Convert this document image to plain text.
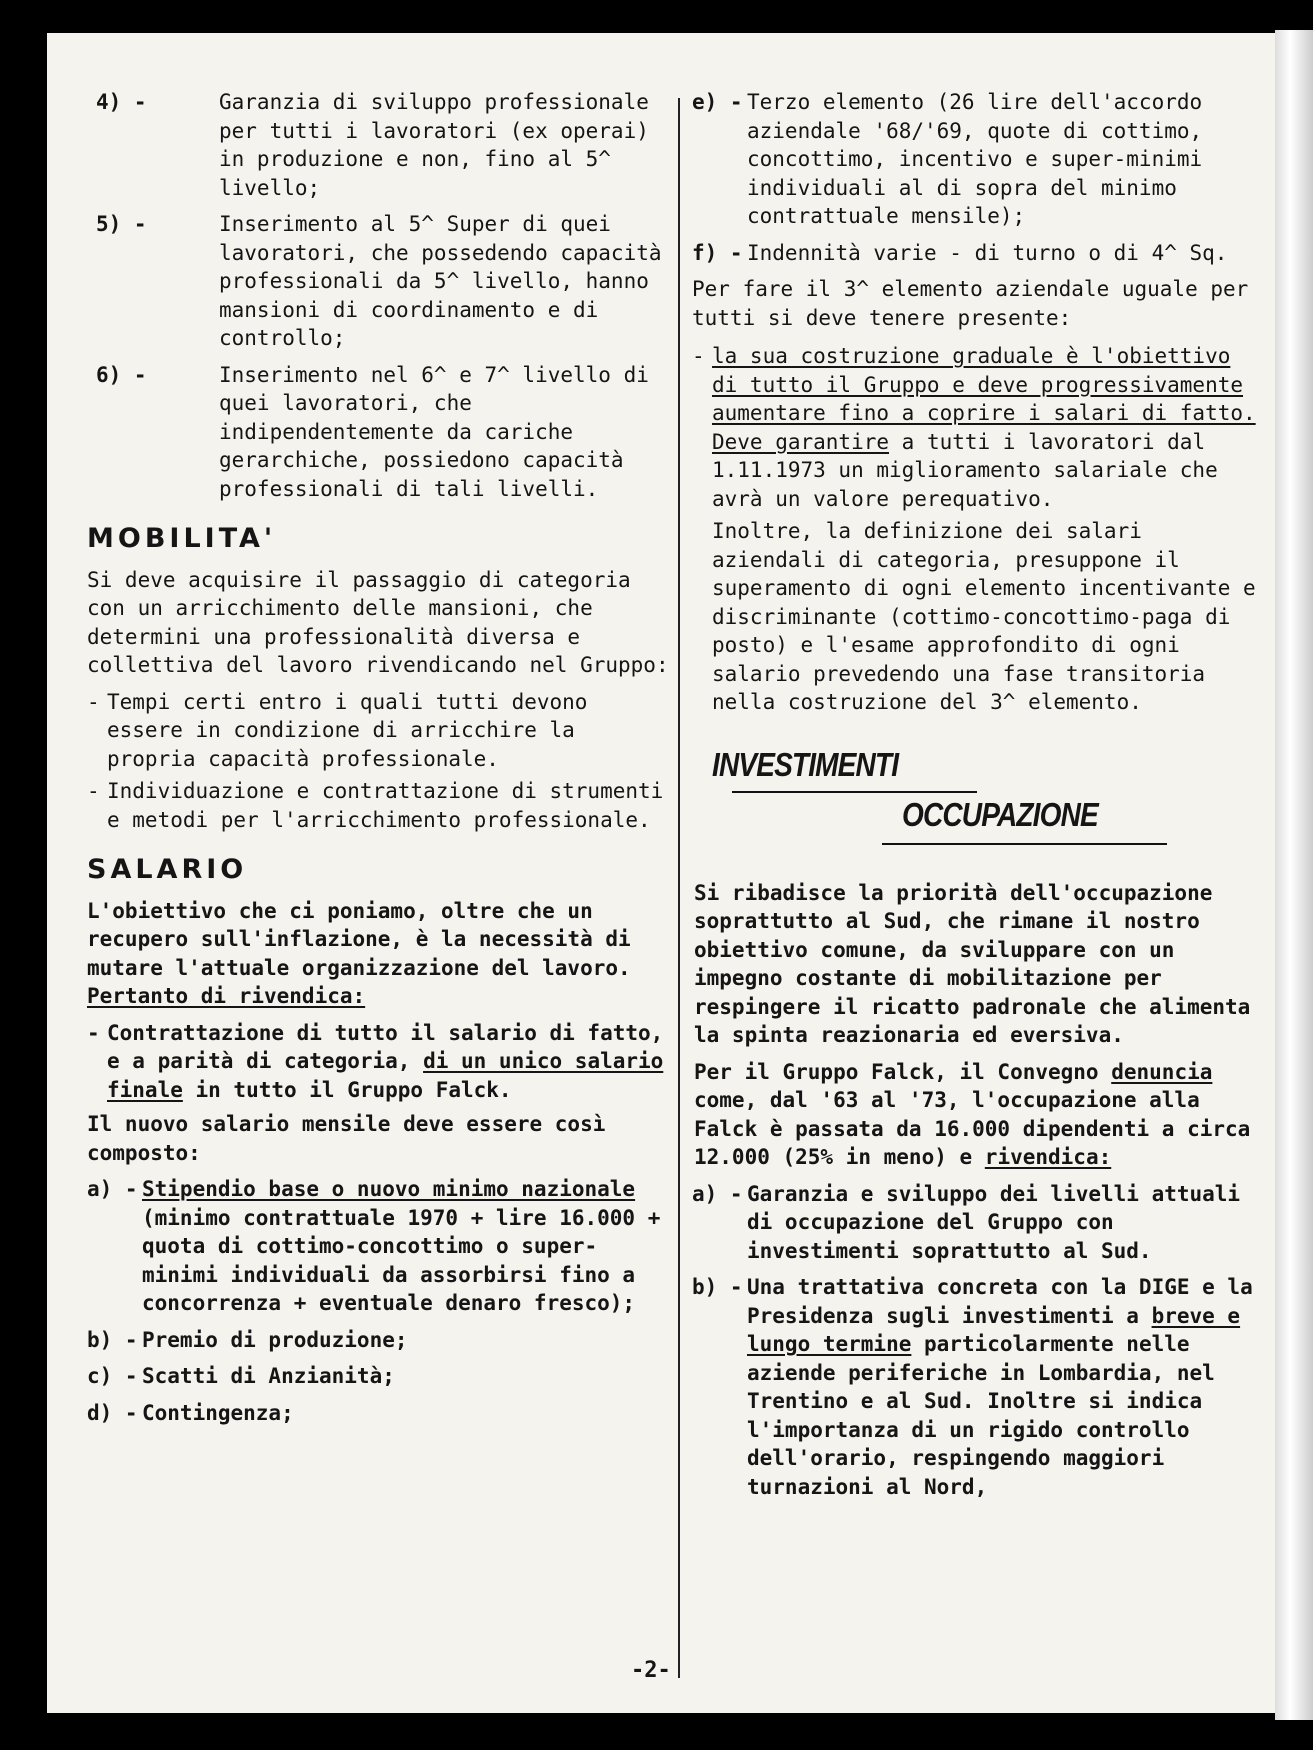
4) -	Garanzia di sviluppo professionale per tutti i lavoratori (ex operai) in produzione e non, fino al 5^ livello;
5) -	Inserimento al 5^ Super di quei lavoratori, che possedendo capacità professionali da 5^ livello, hanno mansioni di coordinamento e di controllo;
6) -	Inserimento nel 6^ e 7^ livello di quei lavoratori, che indipendentemente da cariche gerarchiche, possiedono capacità professionali di tali livelli.
MOBILITA'

Si deve acquisire il passaggio di categoria con un arricchimento delle mansioni, che determini una professionalità diversa e collettiva del lavoro rivendicando nel Gruppo:

- Tempi certi entro i quali tutti devono essere in condizione di arricchire la propria capacità professionale.
- Individuazione e contrattazione di strumenti e metodi per l'arricchimento professionale.
SALARIO

L'obiettivo che ci poniamo, oltre che un recupero sull'inflazione, è la necessità di mutare l'attuale organizzazione del lavoro. Pertanto di rivendica:

- Contrattazione di tutto il salario di fatto, e a parità di categoria, di un unico salario finale in tutto il Gruppo Falck.

Il nuovo salario mensile deve essere così composto:

a) - Stipendio base o nuovo minimo nazionale (minimo contrattuale 1970 + lire 16.000 + quota di cottimo-concottimo o super-minimi individuali da assorbirsi fino a concorrenza + eventuale denaro fresco);
b) - Premio di produzione;
c) - Scatti di Anzianità;
d) - Contingenza;
e) - Terzo elemento (26 lire dell'accordo aziendale '68/'69, quote di cottimo, concottimo, incentivo e super-minimi individuali al di sopra del minimo contrattuale mensile);
f) - Indennità varie - di turno o di 4^ Sq.

Per fare il 3^ elemento aziendale uguale per tutti si deve tenere presente:

- la sua costruzione graduale è l'obiettivo di tutto il Gruppo e deve progressivamente aumentare fino a coprire i salari di fatto. Deve garantire a tutti i lavoratori dal 1.11.1973 un miglioramento salariale che avrà un valore perequativo.

Inoltre, la definizione dei salari aziendali di categoria, presuppone il superamento di ogni elemento incentivante e discriminante (cottimo-concottimo-paga di posto) e l'esame approfondito di ogni salario prevedendo una fase transitoria nella costruzione del 3^ elemento.

INVESTIMENTI
OCCUPAZIONE

Si ribadisce la priorità dell'occupazione soprattutto al Sud, che rimane il nostro obiettivo comune, da sviluppare con un impegno costante di mobilitazione per respingere il ricatto padronale che alimenta la spinta reazionaria ed eversiva.

Per il Gruppo Falck, il Convegno denuncia come, dal '63 al '73, l'occupazione alla Falck è passata da 16.000 dipendenti a circa 12.000 (25% in meno) e rivendica:

a) - Garanzia e sviluppo dei livelli attuali di occupazione del Gruppo con investimenti soprattutto al Sud.
b) - Una trattativa concreta con la DIGE e la Presidenza sugli investimenti a breve e lungo termine particolarmente nelle aziende periferiche in Lombardia, nel Trentino e al Sud. Inoltre si indica l'importanza di un rigido controllo dell'orario, respingendo maggiori turnazioni al Nord,
-2-
